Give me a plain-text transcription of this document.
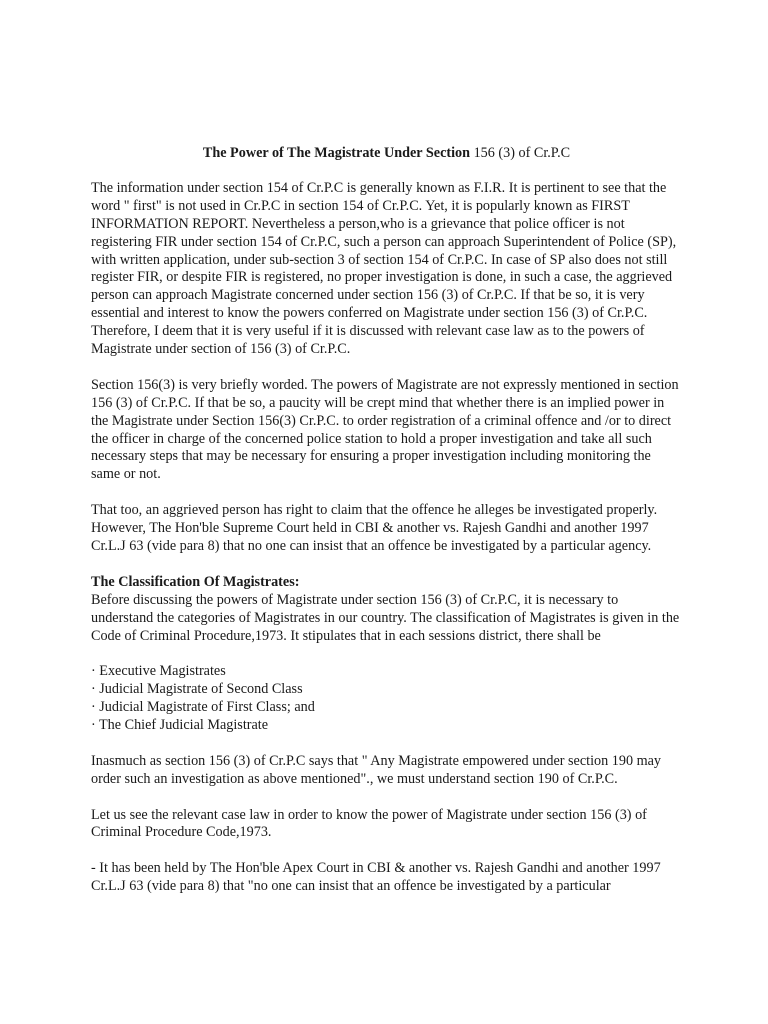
The Power of The Magistrate Under Section 156 (3) of Cr.P.C

The information under section 154 of Cr.P.C is generally known as F.I.R. It is pertinent to see that the word " first" is not used in Cr.P.C in section 154 of Cr.P.C. Yet, it is popularly known as FIRST INFORMATION REPORT. Nevertheless a person,who is a grievance that police officer is not registering FIR under section 154 of Cr.P.C, such a person can approach Superintendent of Police (SP), with written application, under sub-section 3 of section 154 of Cr.P.C. In case of SP also does not still register FIR, or despite FIR is registered, no proper investigation is done, in such a case, the aggrieved person can approach Magistrate concerned under section 156 (3) of Cr.P.C. If that be so, it is very essential and interest to know the powers conferred on Magistrate under section 156 (3) of Cr.P.C. Therefore, I deem that it is very useful if it is discussed with relevant case law as to the powers of Magistrate under section of 156 (3) of Cr.P.C.

Section 156(3) is very briefly worded. The powers of Magistrate are not expressly mentioned in section 156 (3) of Cr.P.C. If that be so, a paucity will be crept mind that whether there is an implied power in the Magistrate under Section 156(3) Cr.P.C. to order registration of a criminal offence and /or to direct the officer in charge of the concerned police station to hold a proper investigation and take all such necessary steps that may be necessary for ensuring a proper investigation including monitoring the same or not.

That too, an aggrieved person has right to claim that the offence he alleges be investigated properly. However, The Hon'ble Supreme Court held in CBI & another vs. Rajesh Gandhi and another 1997 Cr.L.J 63 (vide para 8) that no one can insist that an offence be investigated by a particular agency.

The Classification Of Magistrates:

Before discussing the powers of Magistrate under section 156 (3) of Cr.P.C, it is necessary to understand the categories of Magistrates in our country. The classification of Magistrates is given in the Code of Criminal Procedure,1973. It stipulates that in each sessions district, there shall be

· Executive Magistrates
· Judicial Magistrate of Second Class
· Judicial Magistrate of First Class; and
· The Chief Judicial Magistrate

Inasmuch as section 156 (3) of Cr.P.C says that " Any Magistrate empowered under section 190 may order such an investigation as above mentioned"., we must understand section 190 of Cr.P.C.

Let us see the relevant case law in order to know the power of Magistrate under section 156 (3) of Criminal Procedure Code,1973.

- It has been held by The Hon'ble Apex Court in CBI & another vs. Rajesh Gandhi and another 1997 Cr.L.J 63 (vide para 8) that "no one can insist that an offence be investigated by a particular
